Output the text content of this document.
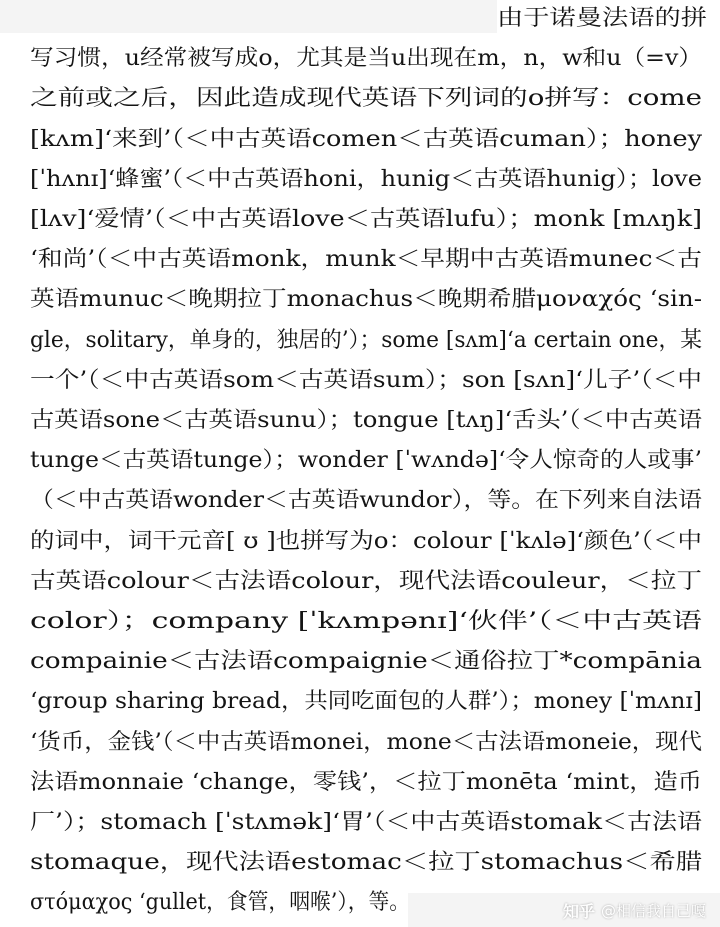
由于诺曼法语的拼
写习惯，u经常被写成o，尤其是当u出现在m，n，w和u（=v）
之前或之后，因此造成现代英语下列词的o拼写：come
[kʌm]‘来到’（＜中古英语comen＜古英语cuman）；honey
[ˈhʌnɪ]‘蜂蜜’（＜中古英语honi，hunig＜古英语hunig）；love
[lʌv]‘爱情’（＜中古英语love＜古英语lufu）；monk [mʌŋk]
‘和尚’（＜中古英语monk，munk＜早期中古英语munec＜古
英语munuc＜晚期拉丁monachus＜晚期希腊μοναχός ‘sin-
gle，solitary，单身的，独居的’）；some [sʌm]‘a certain one，某
一个’（＜中古英语som＜古英语sum）；son [sʌn]‘儿子’（＜中
古英语sone＜古英语sunu）；tongue [tʌŋ]‘舌头’（＜中古英语
tunge＜古英语tunge）；wonder [ˈwʌndə]‘令人惊奇的人或事’
（＜中古英语wonder＜古英语wundor），等。在下列来自法语
的词中，词干元音[ ʊ ]也拼写为o：colour [ˈkʌlə]‘颜色’（＜中
古英语colour＜古法语colour，现代法语couleur，＜拉丁
color）；company [ˈkʌmpənɪ]‘伙伴’（＜中古英语
compainie＜古法语compaignie＜通俗拉丁*compānia
‘group sharing bread，共同吃面包的人群’）；money [ˈmʌnɪ]
‘货币，金钱’（＜中古英语monei，mone＜古法语moneie，现代
法语monnaie ‘change，零钱’，＜拉丁monēta ‘mint，造币
厂’）；stomach [ˈstʌmək]‘胃’（＜中古英语stomak＜古法语
stomaque，现代法语estomac＜拉丁stomachus＜希腊
στόμαχος ‘gullet，食管，咽喉’），等。	知乎 @相信我自己嘎
